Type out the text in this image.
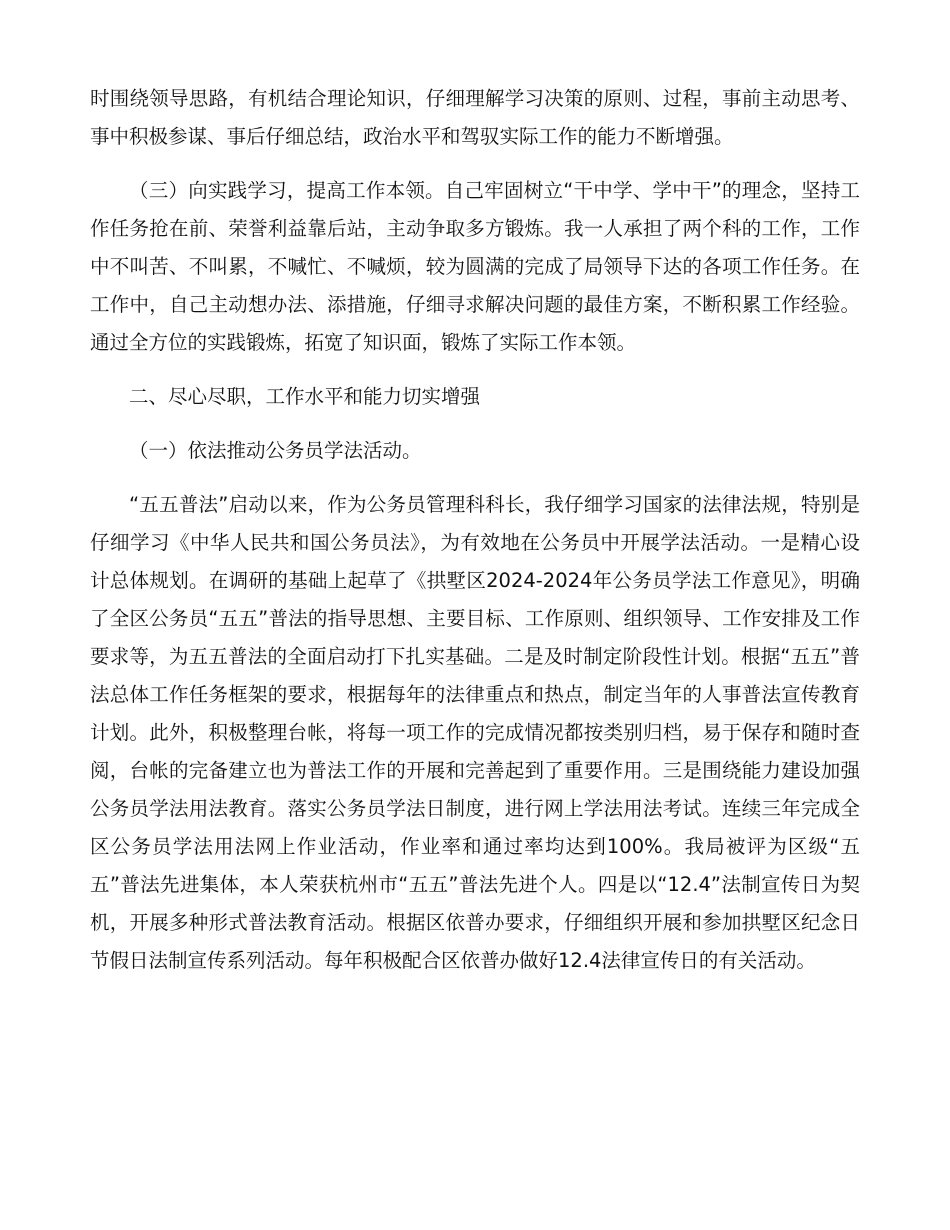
时围绕领导思路，有机结合理论知识，仔细理解学习决策的原则、过程，事前主动思考、事中积极参谋、事后仔细总结，政治水平和驾驭实际工作的能力不断增强。

（三）向实践学习，提高工作本领。自己牢固树立“干中学、学中干”的理念，坚持工作任务抢在前、荣誉利益靠后站，主动争取多方锻炼。我一人承担了两个科的工作，工作中不叫苦、不叫累，不喊忙、不喊烦，较为圆满的完成了局领导下达的各项工作任务。在工作中，自己主动想办法、添措施，仔细寻求解决问题的最佳方案，不断积累工作经验。通过全方位的实践锻炼，拓宽了知识面，锻炼了实际工作本领。

二、尽心尽职，工作水平和能力切实增强

（一）依法推动公务员学法活动。

“五五普法”启动以来，作为公务员管理科科长，我仔细学习国家的法律法规，特别是仔细学习《中华人民共和国公务员法》，为有效地在公务员中开展学法活动。一是精心设计总体规划。在调研的基础上起草了《拱墅区2024-2024年公务员学法工作意见》，明确了全区公务员“五五”普法的指导思想、主要目标、工作原则、组织领导、工作安排及工作要求等，为五五普法的全面启动打下扎实基础。二是及时制定阶段性计划。根据“五五”普法总体工作任务框架的要求，根据每年的法律重点和热点，制定当年的人事普法宣传教育计划。此外，积极整理台帐，将每一项工作的完成情况都按类别归档，易于保存和随时查阅，台帐的完备建立也为普法工作的开展和完善起到了重要作用。三是围绕能力建设加强公务员学法用法教育。落实公务员学法日制度，进行网上学法用法考试。连续三年完成全区公务员学法用法网上作业活动，作业率和通过率均达到100%。我局被评为区级“五五”普法先进集体，本人荣获杭州市“五五”普法先进个人。四是以“12.4”法制宣传日为契机，开展多种形式普法教育活动。根据区依普办要求，仔细组织开展和参加拱墅区纪念日节假日法制宣传系列活动。每年积极配合区依普办做好12.4法律宣传日的有关活动。
